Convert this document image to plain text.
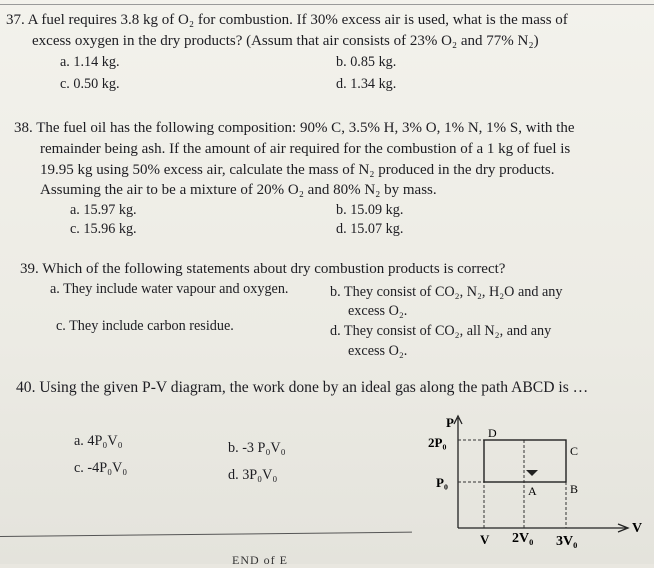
37. A fuel requires 3.8 kg of O₂ for combustion. If 30% excess air is used, what is the mass of
excess oxygen in the dry products? (Assum that air consists of 23% O₂ and 77% N₂)
a. 1.14 kg.	b. 0.85 kg.
c. 0.50 kg.	d. 1.34 kg.
38. The fuel oil has the following composition: 90% C, 3.5% H, 3% O, 1% N, 1% S, with the
remainder being ash. If the amount of air required for the combustion of a 1 kg of fuel is
19.95 kg using 50% excess air, calculate the mass of N₂ produced in the dry products.
Assuming the air to be a mixture of 20% O₂ and 80% N₂ by mass.
a. 15.97 kg.	b. 15.09 kg.
c. 15.96 kg.	d. 15.07 kg.
39. Which of the following statements about dry combustion products is correct?
a. They include water vapour and oxygen.	b. They consist of CO₂, N₂, H₂O and any
excess O₂.
c. They include carbon residue.	d. They consist of CO₂, all N₂, and any
excess O₂.
40. Using the given P-V diagram, the work done by an ideal gas along the path ABCD is …
a. 4P₀V₀	b. -3 P₀V₀
c. -4P₀V₀	d. 3P₀V₀
P
2P₀
P₀
V
V 2V₀ 3V₀
A	B
C
D
END of E
